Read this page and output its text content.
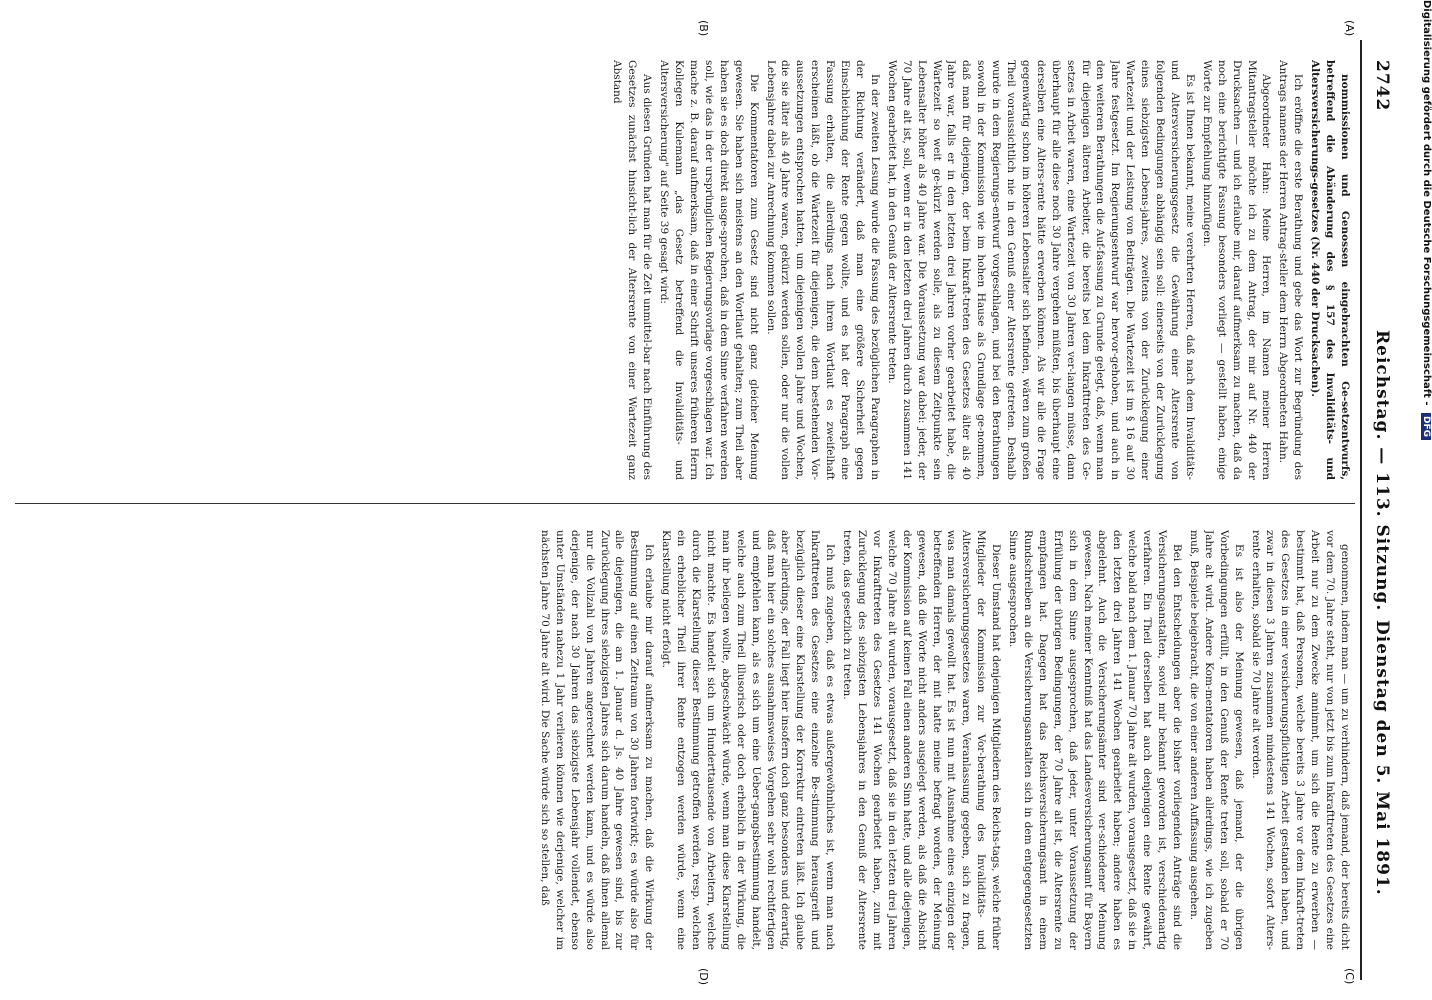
2742
Reichstag. — 113. Sitzung.
Dienstag den 5. Mai 1891.
(A)
(B)
(C)
(D)

nommissionen und Genossen eingebrachten Ge-setzentwurfs, betreffend die Abänderung des § 157 des Invaliditäts- und Altersversicherungs-gesetzes (Nr. 440 der Drucksachen).

Ich eröffne die erste Berathung und gebe das Wort zur Begründung des Antrags namens der Herren Antrag-steller dem Herrn Abgeordneten Hahn.

Abgeordneter Hahn: Meine Herren, im Namen meiner Herren Mitantragsteller möchte ich zu dem Antrag, der mir auf Nr. 440 der Drucksachen — und ich erlaube mir, darauf aufmerksam zu machen, daß da noch eine berichtigte Fassung besonders vorliegt — gestellt haben, einige Worte zur Empfehlung hinzufügen.

Es ist Ihnen bekannt, meine verehrten Herren, daß nach dem Invaliditäts- und Altersversicherungsgesetz die Gewährung einer Altersrente von folgenden Bedingungen abhängig sein soll: einerseits von der Zurücklegung eines siebzigsten Lebens-jahres, zweitens von der Zurücklegung einer Wartezeit und der Leistung von Beiträgen. Die Wartezeit ist im § 16 auf 30 Jahre festgesetzt. Im Regierungsentwurf war hervor-gehoben, und auch in den weiteren Berathungen die Auf-fassung zu Grunde gelegt, daß, wenn man für diejenigen älteren Arbeiter, die bereits bei dem Inkrafttreten des Ge-setzes in Arbeit waren, eine Wartezeit von 30 Jahren ver-langen müsse, dann überhaupt für alle diese noch 30 Jahre vergehen müßten, bis überhaupt eine derselben eine Alters-rente hätte erwerben können. Als wir alle die Frage gegenwärtig schon im höheren Lebensalter sich befinden, wären zum großen Theil voraussichtlich nie in den Genuß einer Altersrente getreten. Deshalb wurde in dem Regierungs-entwurf vorgeschlagen, und bei den Berathungen sowohl in der Kommission wie im hohen Hause als Grundlage ge-nommen, daß man für diejenigen, der beim Inkraft-treten des Gesetzes älter als 40 Jahre war, falls er in den letzten drei Jahren vorher gearbeitet habe, die Wartezeit so weit ge-kürzt werden solle, als zu diesem Zeitpunkte sein Lebensalter höher als 40 Jahre war. Die Voraussetzung war dabei: jeder, der 70 Jahre alt ist, soll, wenn er in den letzten drei Jahren durch zusammen 141 Wochen gearbeitet hat, in den Genuß der Altersrente treten.

In der zweiten Lesung wurde die Fassung des bezüglichen Paragraphen in der Richtung verändert, daß man eine größere Sicherheit gegen Einschleichung der Rente gegen wollte, und es hat der Paragraph eine Fassung erhalten, die allerdings nach ihrem Wortlaut es zweifelhaft erscheinen läßt, ob die Wartezeit für diejenigen, die dem bestehenden Vor-aussetzungen entsprochen hatten, um diejenigen wollen Jahre und Wochen, die sie älter als 40 Jahre waren, gekürzt werden sollen, oder nur die vollen Lebensjahre dabei zur Anrechnung kommen sollen.

Die Kommentatoren zum Gesetz sind nicht ganz gleicher Meinung gewesen. Sie haben sich meistens an den Wortlaut gehalten; zum Theil aber haben sie es doch direkt ausge-sprochen, daß in dem Sinne verfahren werden soll, wie das in der ursprünglichen Regierungsvorlage vorgeschlagen war. Ich mache z. B. darauf aufmerksam, daß in einer Schrift unseres früheren Herrn Kollegen Kulemann „das Gesetz betreffend die Invaliditäts- und Altersversicherung" auf Seite 39 gesagt wird:

Aus diesen Gründen hat man für die Zeit unmittel-bar nach Einführung des Gesetzes zunächst hinsicht-lich der Altersrente von einer Wartezeit ganz Abstand

genommen, indem man — um zu verhindern, daß jemand, der bereits dicht vor dem 70. Jahre steht, nur von jetzt bis zum Inkrafttreten des Gesetzes eine Arbeit nur zu dem Zwecke annimmt, um sich die Rente zu erwerben — bestimmt hat, daß Personen, welche bereits 3 Jahre vor dem Inkraft-treten des Gesetzes in einer versicherungspflichtigen Arbeit gestanden haben, und zwar in diesen 3 Jahren zusammen mindestens 141 Wochen, sofort Alters-rente erhalten, sobald sie 70 Jahre alt werden.

Es ist also der Meinung gewesen, daß jemand, der die übrigen Vorbedingungen erfüllt, in den Genuß der Rente treten soll, sobald er 70 Jahre alt wird. Andere Kom-mentatoren haben allerdings, wie ich zugeben muß, Beispiele beigebracht, die von einer anderen Auffassung ausgehen.

Bei den Entscheidungen aber die bisher vorliegenden Anträge sind die Versicherungsanstalten, soviel mir bekannt geworden ist, verschiedenartig verfahren. Ein Theil derselben hat auch denjenigen eine Rente gewährt, welche bald nach dem 1. Januar 70 Jahre alt wurden, vorausgesetzt, daß sie in den letzten drei Jahren 141 Wochen gearbeitet haben; andere haben es abgelehnt. Auch die Versicherungsämter sind ver-schiedener Meinung gewesen. Nach meiner Kenntniß hat das Landesversicherungsamt für Bayern sich in dem Sinne ausgesprochen, daß jeder, unter Voraussetzung der Erfüllung der übrigen Bedingungen, der 70 Jahre alt ist, die Altersrente zu empfangen hat. Dagegen hat das Reichsversicherungsamt in einem Rundschreiben an die Versicherungsanstalten sich in dem entgegengesetzten Sinne ausgesprochen.

Dieser Umstand hat denjenigen Mitgliedern des Reichs-tags, welche früher Mitglieder der Kommission zur Vor-berathung des Invaliditäts- und Altersversicherungsgesetzes waren, Veranlassung gegeben, sich zu fragen, was man damals gewollt hat. Es ist nun mit Ausnahme eines einzigen der betreffenden Herren, der mit hatte meine befragt worden, der Meinung gewesen, daß die Worte nicht anders ausgelegt werden, als daß die Absicht der Kommission auf keinen Fall einen anderen Sinn hatte, und alle diejenigen, welche 70 Jahre alt wurden, vorausgesetzt, daß sie in den letzten drei Jahren vor Inkrafttreten des Gesetzes 141 Wochen gearbeitet haben, zum mit Zurücklegung des siebzigsten Lebensjahres in den Genuß der Altersrente treten, das gesetzlich zu treten.

Ich muß zugeben, daß es etwas außergewöhnliches ist, wenn man nach Inkrafttreten des Gesetzes eine einzelne Be-stimmung herausgreift und bezüglich dieser eine Klarstellung der Korrektur eintreten läßt. Ich glaube aber allerdings, der Fall liegt hier insofern doch ganz besonders und derartig, daß man hier ein solches ausnahmsweises Vorgehen sehr wohl rechtfertigen und empfehlen kann, als es sich um eine Ueber-gangsbestimmung handelt, welche auch zum Theil illusorisch oder doch erheblich in der Wirkung, die man ihr beilegen wollte, abgeschwächt würde, wenn man diese Klarstellung nicht machte. Es handelt sich um Hunderttausende von Arbeitern, welche durch die Klarstellung dieser Bestimmung getroffen werden, resp. welchen ein erheblicher Theil ihrer Rente entzogen werden würde, wenn eine Klarstellung nicht erfolgt.

Ich erlaube mir darauf aufmerksam zu machen, daß die Wirkung der Bestimmung auf einen Zeitraum von 30 Jahren fortwirkt; es würde also für alle diejenigen, die am 1. Januar d. Js. 40 Jahre gewesen sind, bis zur Zurücklegung ihres siebzigsten Jahres sich darum handeln, daß ihnen allemal nur die Vollzahl von Jahren angerechnet werden kann, und es würde also derjenige, der nach 30 Jahren das siebzigste Lebensjahr vollendet, ebenso unter Umständen nahezu 1 Jahr verlieren können wie derjenige, welcher im nächsten Jahre 70 Jahre alt wird. Die Sache würde sich so stellen, daß

Digitalisierung gefördert durch die Deutsche Forschungsgemeinschaft - DFG
